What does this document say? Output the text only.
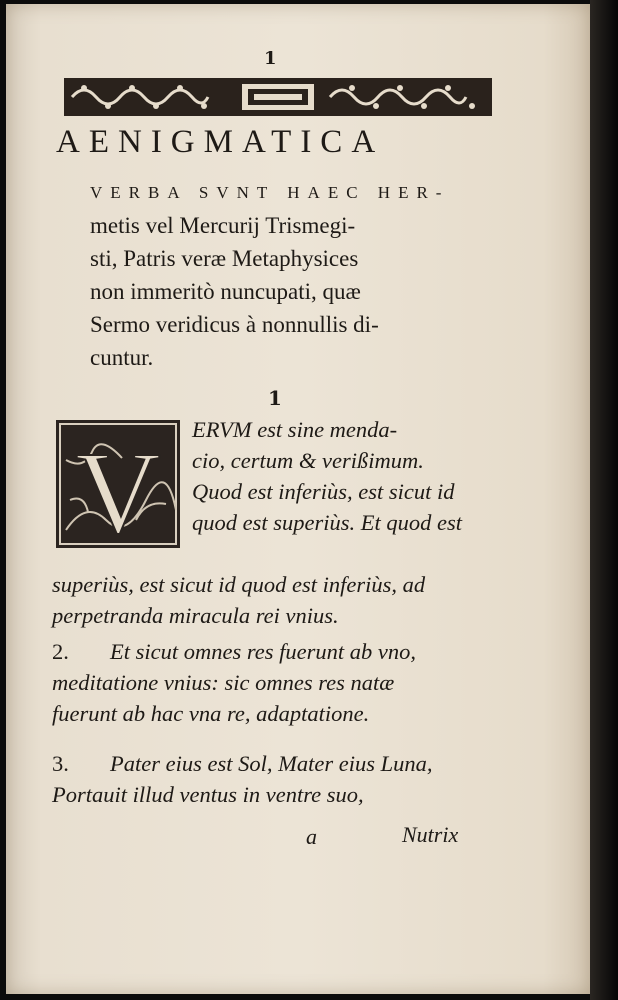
1
AENIGMATICA
VERBA SVNT HAEC HER-
metis vel Mercurij Trismegi-
sti, Patris veræ Metaphysices
non immeritò nuncupati, quæ
Sermo veridicus à nonnullis di-
cuntur.
1
V ERVM est sine menda-
cio, certum & verißimum.
Quod est inferiùs, est sicut id
quod est superiùs. Et quod est
superiùs, est sicut id quod est inferiùs, ad
perpetranda miracula rei vnius.
2. Et sicut omnes res fuerunt ab vno,
meditatione vnius: sic omnes res natæ
fuerunt ab hac vna re, adaptatione.
3. Pater eius est Sol, Mater eius Luna,
Portauit illud ventus in ventre suo,
a	Nutrix
